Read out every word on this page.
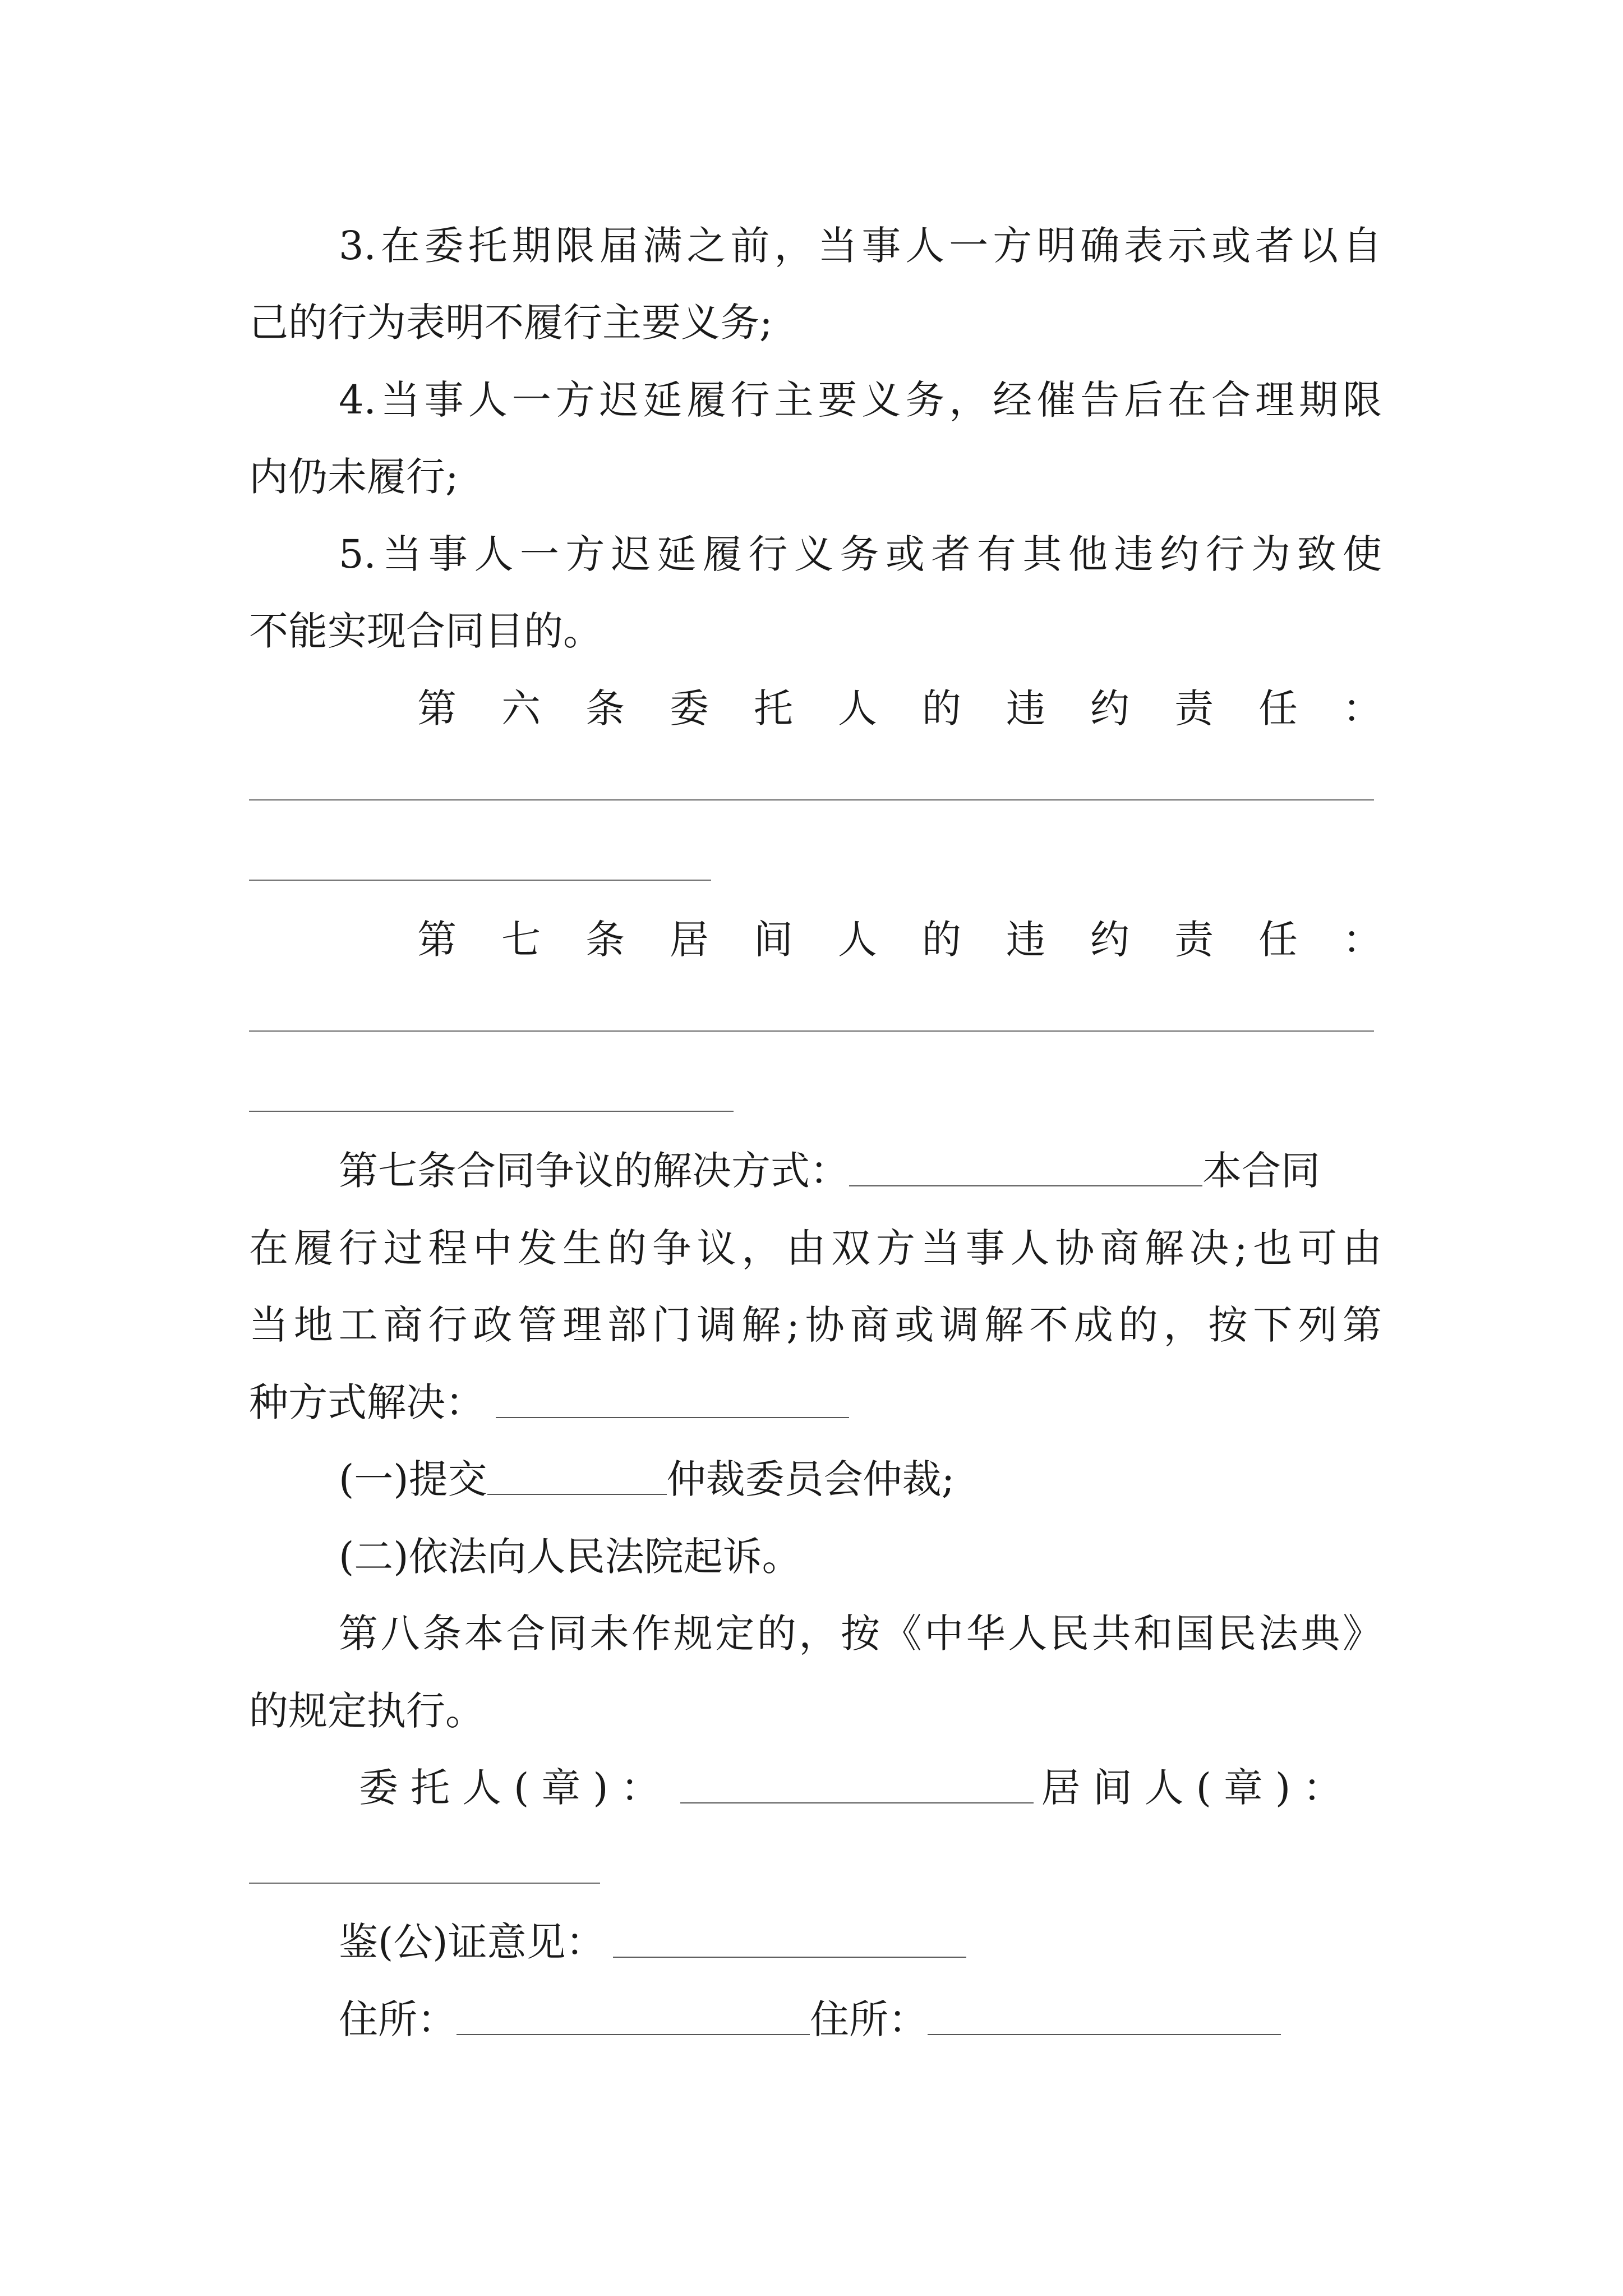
3.在委托期限届满之前，当事人一方明确表示或者以自
己的行为表明不履行主要义务;
4.当事人一方迟延履行主要义务，经催告后在合理期限
内仍未履行;
5.当事人一方迟延履行义务或者有其他违约行为致使
不能实现合同目的。
第六条委托人的违约责任：
第七条居间人的违约责任：
第七条合同争议的解决方式：	本合同
在履行过程中发生的争议，由双方当事人协商解决;也可由
当地工商行政管理部门调解;协商或调解不成的，按下列第
种方式解决：
(一)提交	仲裁委员会仲裁;
(二)依法向人民法院起诉。
第八条本合同未作规定的，按《中华人民共和国民法典》
的规定执行。
委托人(章)：	居间人(章)：
鉴(公)证意见：
住所：	住所：
